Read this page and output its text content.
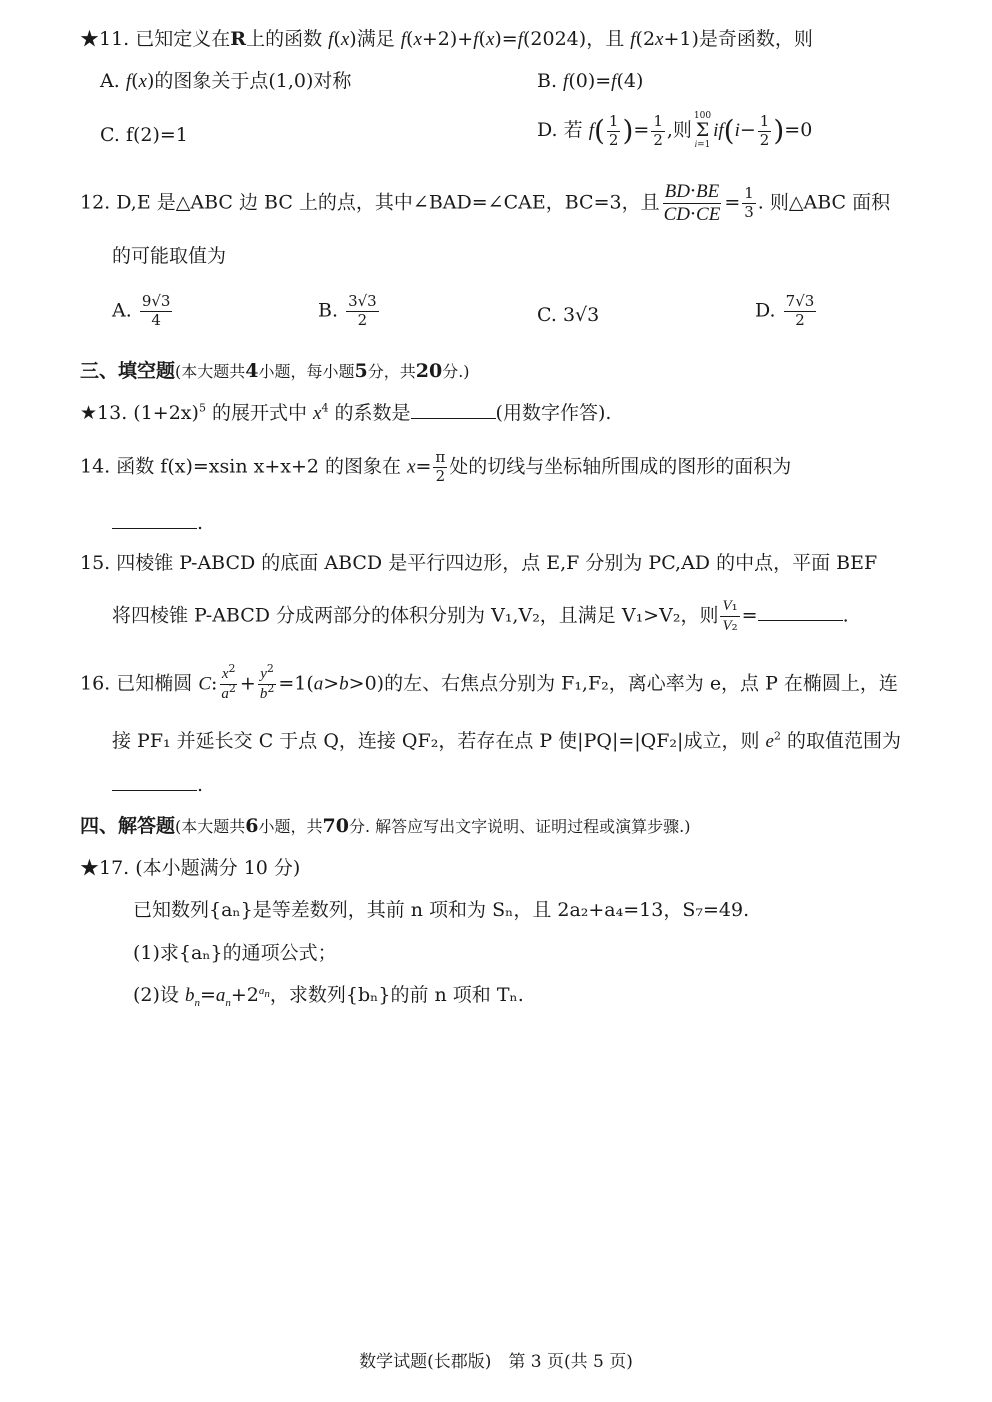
★11. 已知定义在R上的函数 f(x)满足 f(x+2)+f(x)=f(2024)，且 f(2x+1)是奇函数，则
A. f(x)的图象关于点(1,0)对称	B. f(0)=f(4)
C. f(2)=1	D. 若 $f( \frac{1}{2}$ )= $\frac{1}{2}$ ,则
100
Σ
i=1
$if(i- \frac{1}{2} )=0$
12. D,E 是△ABC 边 BC 上的点，其中∠BAD=∠CAE，BC=3，且 $\frac{BD\cdot BE}{CD\cdot CE} = \frac{1}{3}$ . 则△ABC 面积
的可能取值为
A. $\frac{9√3}{4}$	B. $\frac{3√3}{2}$	C. 3√3	D. $\frac{7√3}{2}$
三、填空题(本大题共4小题，每小题5分，共20分.)
★13. $(1+2x)^5$ 的展开式中 $x^4$ 的系数是	(用数字作答).
14. 函数 f(x)=xsin x+x+2 的图象在 $x= \frac{\pi}{2}$ 处的切线与坐标轴所围成的图形的面积为
.
15. 四棱锥 P-ABCD 的底面 ABCD 是平行四边形，点 E,F 分别为 PC,AD 的中点，平面 BEF
将四棱锥 P-ABCD 分成两部分的体积分别为 V₁,V₂，且满足 V₁>V₂，则 $\frac{\text{V₁}}{\text{V₂}}$ =	.
16. 已知椭圆 C: $\frac{x^2}{a^2} + \frac{y^2}{b^2} =1(a>b>0)$的左、右焦点分别为 F₁,F₂，离心率为 e，点 P 在椭圆上，连
接 PF₁ 并延长交 C 于点 Q，连接 QF₂，若存在点 P 使|PQ|=|QF₂|成立，则 $e^2$ 的取值范围为
.
四、解答题(本大题共6小题，共70分. 解答应写出文字说明、证明过程或演算步骤.)
★17. (本小题满分 10 分)
已知数列{aₙ}是等差数列，其前 n 项和为 Sₙ，且 2a₂+a₄=13，S₇=49.
(1)求{aₙ}的通项公式；
(2)设 $b_n=a_n+2^{a_n}$，求数列{bₙ}的前 n 项和 Tₙ.
数学试题(长郡版)　第 3 页(共 5 页)
